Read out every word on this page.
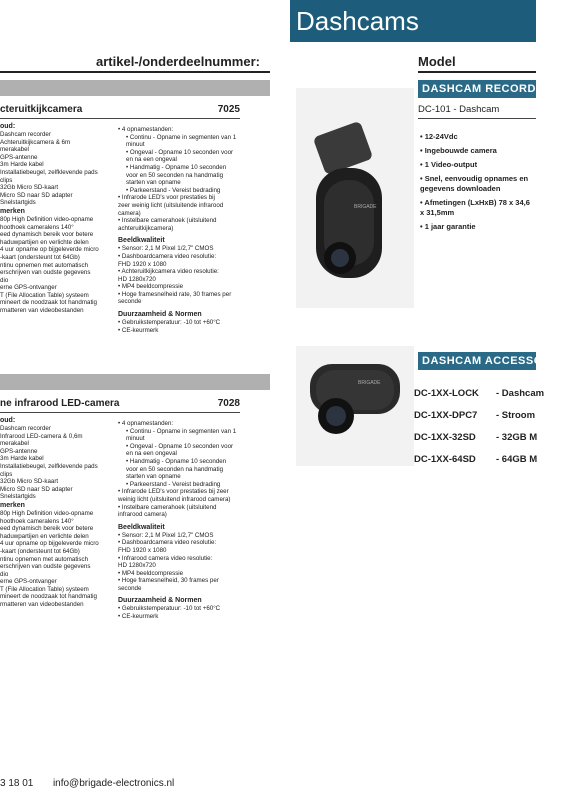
Dashcams
artikel-/onderdeelnummer:	Model
cteruitkijkcamera	7025
oud:
Dashcam recorder
Achteruitkijkcamera & 6m
merakabel
GPS-antenne
3m Harde kabel
Installatiebeugel, zelfklevende pads
clips
32Gb Micro SD-kaart
Micro SD naar SD adapter
Snelstartgids
merken
80p High Definition video-opname
hoothoek cameralens 140°
eed dynamisch bereik voor betere
haduwpartijen en verlichte delen
4 uur opname op bijgeleverde micro
-kaart (ondersteunt tot 64Gb)
ntinu opnemen met automatisch
erschrijven van oudste gegevens
dio
erne GPS-ontvanger
T (File Allocation Table) systeem
mineert de noodzaak tot handmatig
rmatteren van videobestanden
• 4 opnamestanden:
• Continu - Opname in segmenten van 1
minuut
• Ongeval - Opname 10 seconden voor
en na een ongeval
• Handmatig - Opname 10 seconden
voor en 50 seconden na handmatig
starten van opname
• Parkeerstand - Vereist bedrading
• Infrarode LED's voor prestaties bij
zeer weinig licht (uitsluitende infrarood
camera)
• Instelbare camerahoek (uitsluitend
achteruitkijkcamera)
Beeldkwaliteit
• Sensor: 2,1 M Pixel 1/2,7" CMOS
• Dashboardcamera video resolutie:
FHD 1920 x 1080
• Achteruitkijkcamera video resolutie:
HD 1280x720
• MP4 beeldcompressie
• Hoge framesnelheid rate, 30 frames per
seconde
Duurzaamheid & Normen
• Gebruikstemperatuur: -10 tot +60°C
• CE-keurmerk
ne infrarood LED-camera	7028
oud:
Dashcam recorder
Infrarood LED-camera & 0,6m
merakabel
GPS-antenne
3m Harde kabel
Installatiebeugel, zelfklevende pads
clips
32Gb Micro SD-kaart
Micro SD naar SD adapter
Snelstartgids
merken
80p High Definition video-opname
hoothoek cameralens 140°
eed dynamisch bereik voor betere
haduwpartijen en verlichte delen
4 uur opname op bijgeleverde micro
-kaart (ondersteunt tot 64Gb)
ntinu opnemen met automatisch
erschrijven van oudste gegevens
dio
erne GPS-ontvanger
T (File Allocation Table) systeem
mineert de noodzaak tot handmatig
rmatteren van videobestanden
• 4 opnamestanden:
• Continu - Opname in segmenten van 1
minuut
• Ongeval - Opname 10 seconden voor
en na een ongeval
• Handmatig - Opname 10 seconden
voor en 50 seconden na handmatig
starten van opname
• Parkeerstand - Vereist bedrading
• Infrarode LED's voor prestaties bij zeer
weinig licht (uitsluitend infrarood camera)
• Instelbare camerahoek (uitsluitend
infrarood camera)
Beeldkwaliteit
• Sensor: 2,1 M Pixel 1/2,7" CMOS
• Dashboardcamera video resolutie:
FHD 1920 x 1080
• Infrarood camera video resolutie:
HD 1280x720
• MP4 beeldcompressie
• Hoge framesnelheid, 30 frames per
seconde
Duurzaamheid & Normen
• Gebruikstemperatuur: -10 tot +60°C
• CE-keurmerk
BRIGADE
BRIGADE
DASHCAM RECORDER
DC-101 - Dashcam
• 12-24Vdc
• Ingebouwde camera
• 1 Video-output
• Snel, eenvoudig opnames en gegevens downloaden
• Afmetingen (LxHxB) 78 x 34,6 x 31,5mm
• 1 jaar garantie
DASHCAM ACCESSORIES
DC-1XX-LOCK - Dashcam
DC-1XX-DPC7 - Stroom
DC-1XX-32SD - 32GB M
DC-1XX-64SD - 64GB M
3 18 01 info@brigade-electronics.nl
